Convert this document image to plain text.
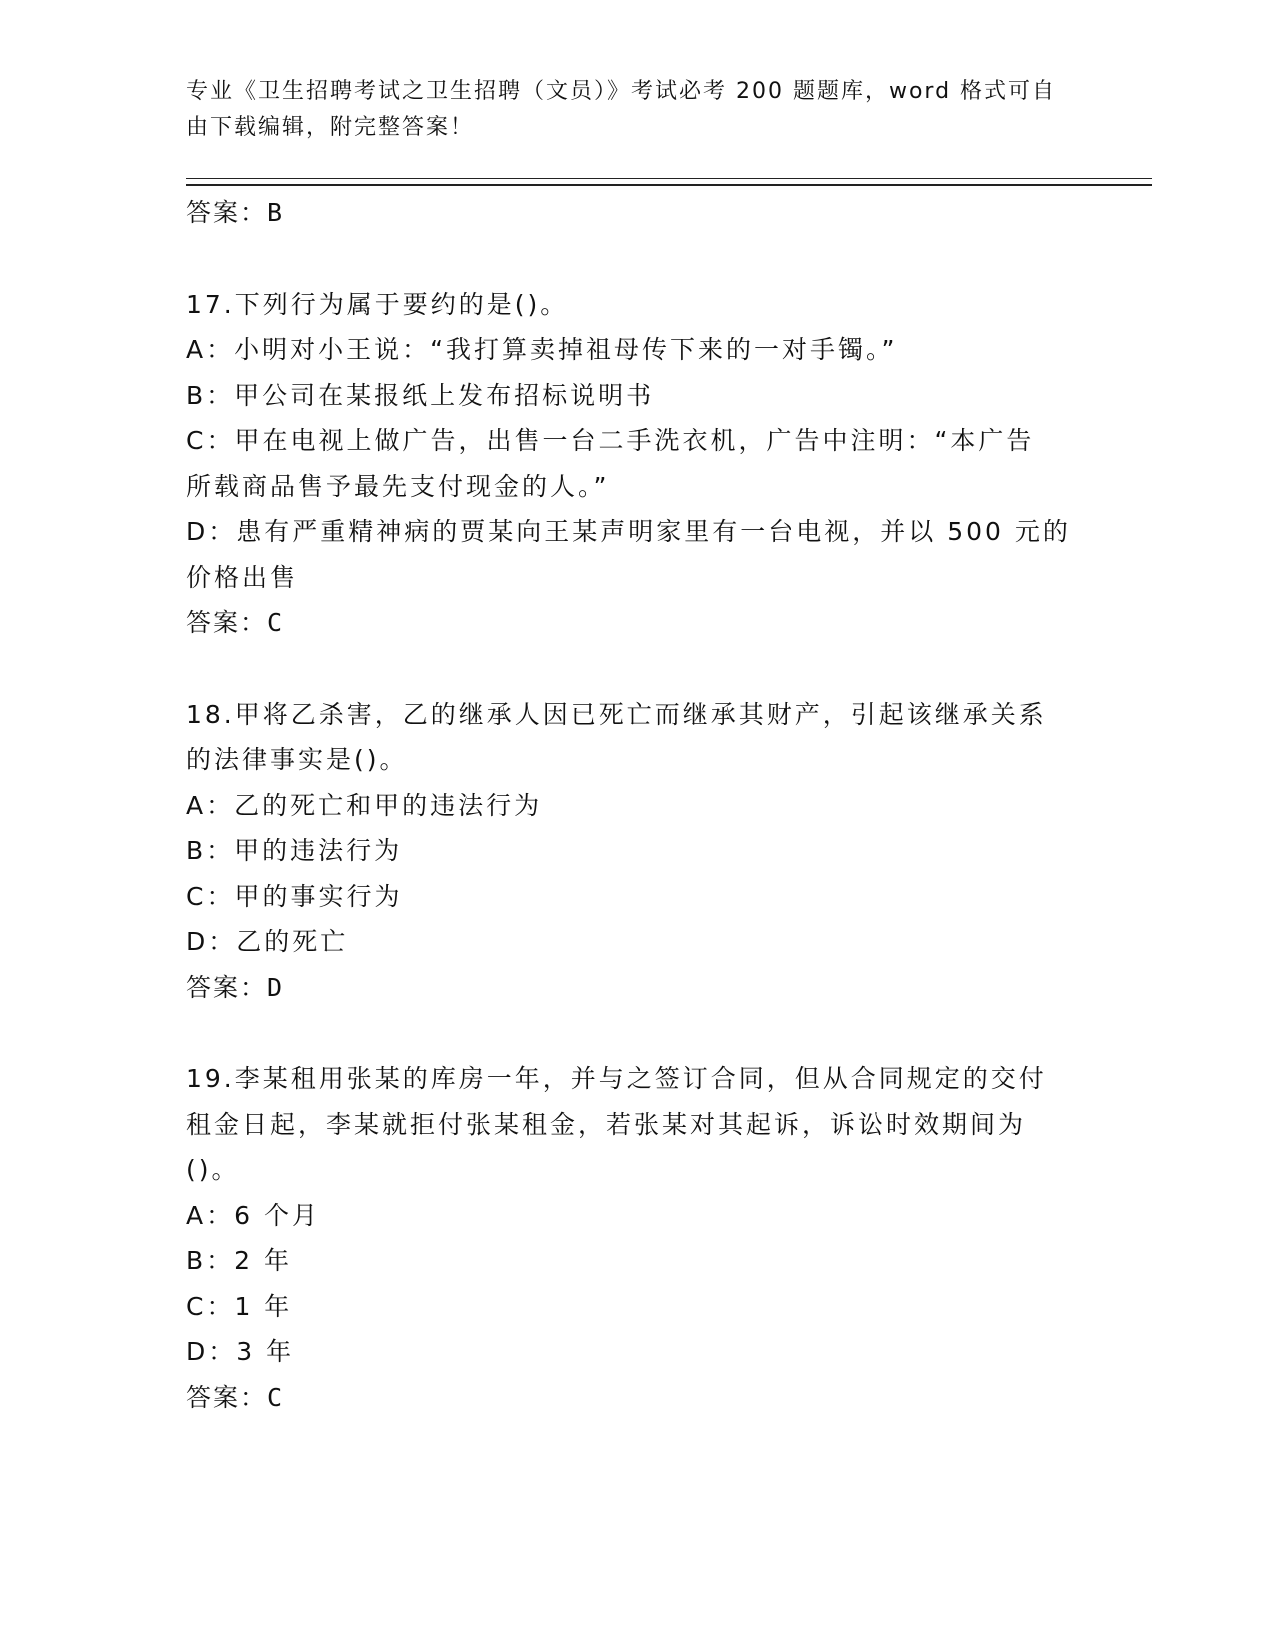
专业《卫生招聘考试之卫生招聘（文员）》考试必考 200 题题库，word 格式可自
由下载编辑，附完整答案！
答案：B
17.下列行为属于要约的是()。
A：小明对小王说：“我打算卖掉祖母传下来的一对手镯。”
B：甲公司在某报纸上发布招标说明书
C：甲在电视上做广告，出售一台二手洗衣机，广告中注明：“本广告
所载商品售予最先支付现金的人。”
D：患有严重精神病的贾某向王某声明家里有一台电视，并以 500 元的
价格出售
答案：C
18.甲将乙杀害，乙的继承人因已死亡而继承其财产，引起该继承关系
的法律事实是()。
A：乙的死亡和甲的违法行为
B：甲的违法行为
C：甲的事实行为
D：乙的死亡
答案：D
19.李某租用张某的库房一年，并与之签订合同，但从合同规定的交付
租金日起，李某就拒付张某租金，若张某对其起诉，诉讼时效期间为
()。
A：6 个月
B：2 年
C：1 年
D：3 年
答案：C
